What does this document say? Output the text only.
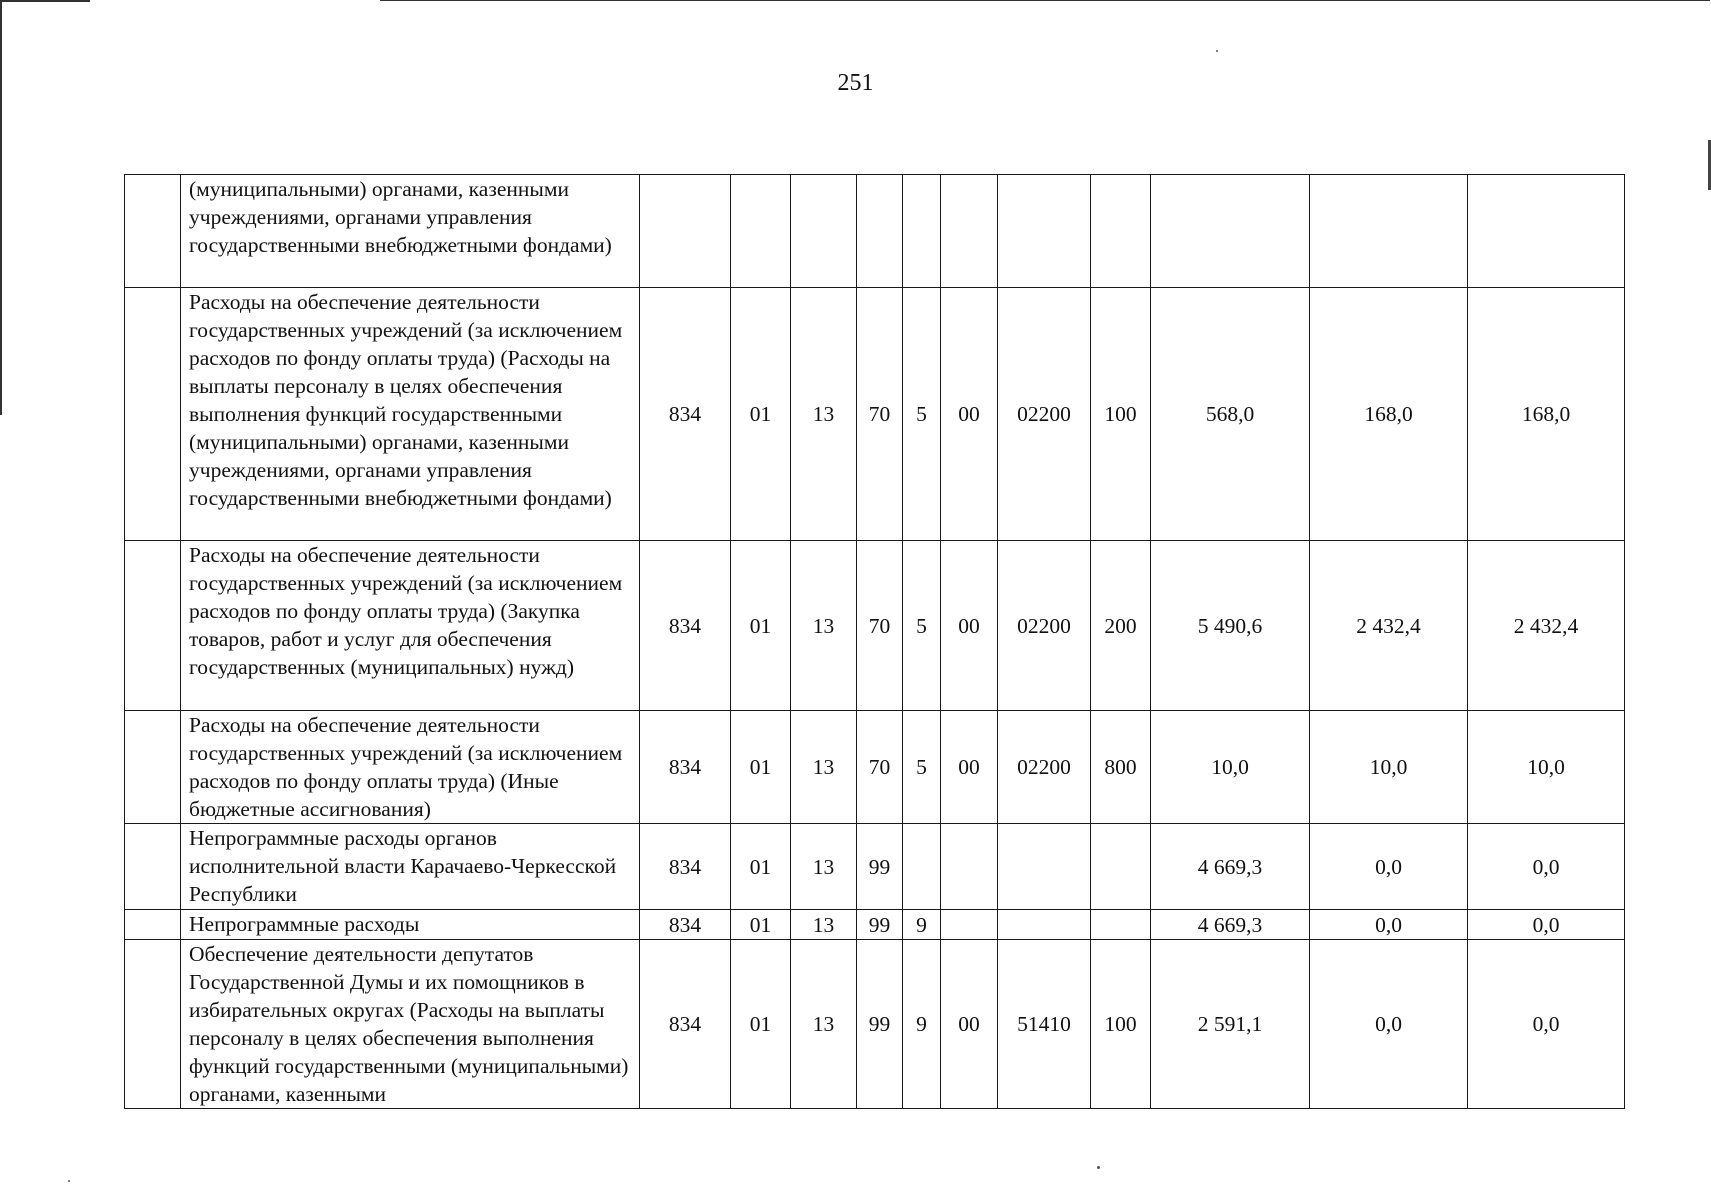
251
	(муниципальными) органами, казенными учреждениями, органами управления государственными внебюджетными фондами)											
	Расходы на обеспечение деятельности государственных учреждений (за исключением расходов по фонду оплаты труда) (Расходы на выплаты персоналу в целях обеспечения выполнения функций государственными (муниципальными) органами, казенными учреждениями, органами управления государственными внебюджетными фондами)	834	01	13	70	5	00	02200	100	568,0	168,0	168,0
	Расходы на обеспечение деятельности государственных учреждений (за исключением расходов по фонду оплаты труда) (Закупка товаров, работ и услуг для обеспечения государственных (муниципальных) нужд)	834	01	13	70	5	00	02200	200	5 490,6	2 432,4	2 432,4
	Расходы на обеспечение деятельности государственных учреждений (за исключением расходов по фонду оплаты труда) (Иные бюджетные ассигнования)	834	01	13	70	5	00	02200	800	10,0	10,0	10,0
	Непрограммные расходы органов исполнительной власти Карачаево-Черкесской Республики	834	01	13	99					4 669,3	0,0	0,0
	Непрограммные расходы	834	01	13	99	9				4 669,3	0,0	0,0
	Обеспечение деятельности депутатов Государственной Думы и их помощников в избирательных округах (Расходы на выплаты персоналу в целях обеспечения выполнения функций государственными (муниципальными) органами, казенными	834	01	13	99	9	00	51410	100	2 591,1	0,0	0,0
